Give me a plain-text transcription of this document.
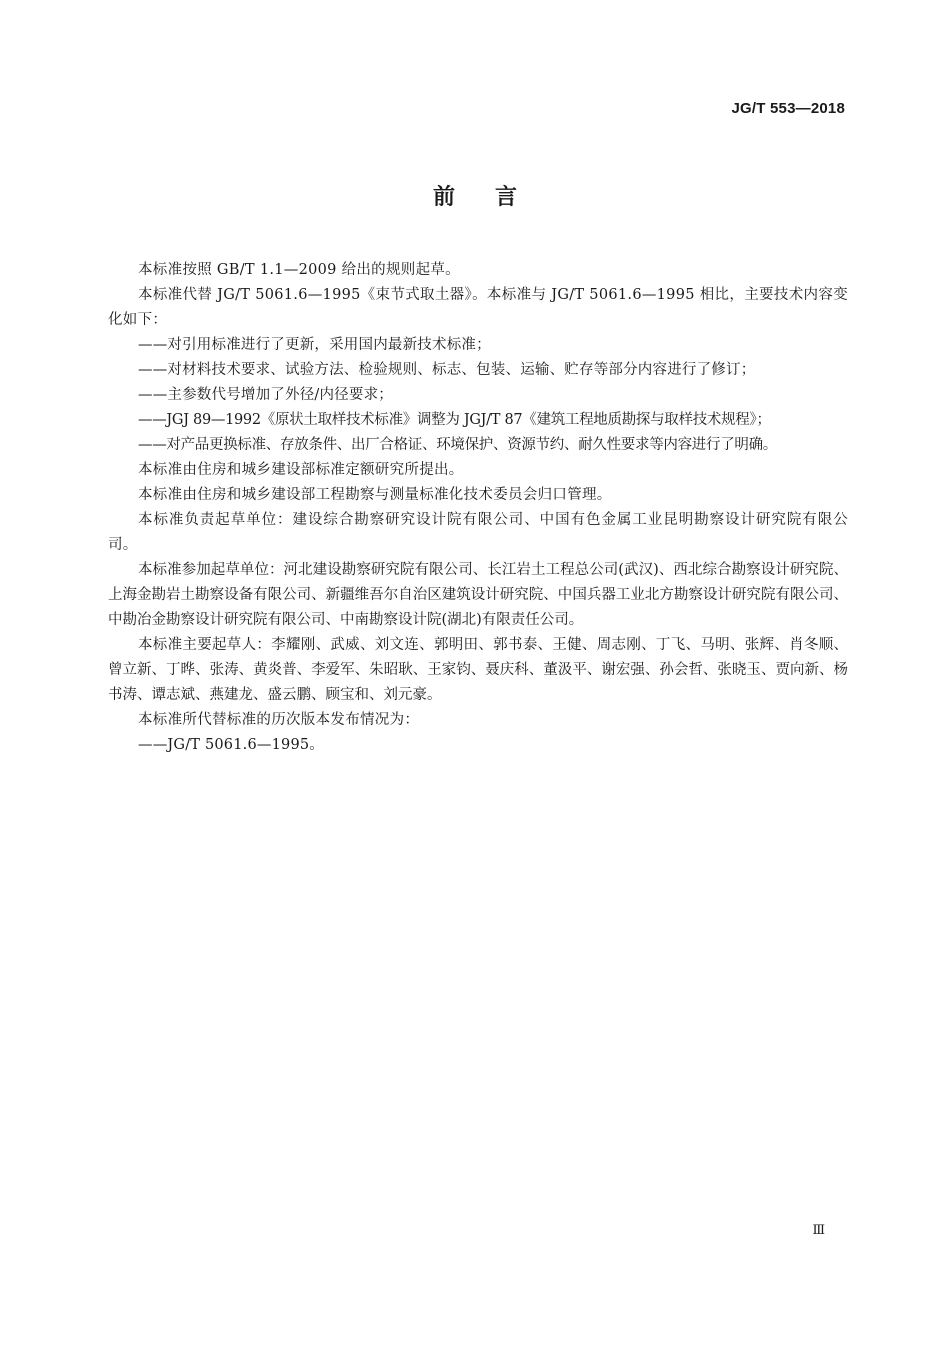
JG/T 553—2018
前言

本标准按照 GB/T 1.1—2009 给出的规则起草。

本标准代替 JG/T 5061.6—1995《束节式取土器》。本标准与 JG/T 5061.6—1995 相比，主要技术内容变化如下：

——对引用标准进行了更新，采用国内最新技术标准；

——对材料技术要求、试验方法、检验规则、标志、包装、运输、贮存等部分内容进行了修订；

——主参数代号增加了外径/内径要求；

——JGJ 89—1992《原状土取样技术标准》调整为 JGJ/T 87《建筑工程地质勘探与取样技术规程》；

——对产品更换标准、存放条件、出厂合格证、环境保护、资源节约、耐久性要求等内容进行了明确。

本标准由住房和城乡建设部标准定额研究所提出。

本标准由住房和城乡建设部工程勘察与测量标准化技术委员会归口管理。

本标准负责起草单位：建设综合勘察研究设计院有限公司、中国有色金属工业昆明勘察设计研究院有限公司。

本标准参加起草单位：河北建设勘察研究院有限公司、长江岩土工程总公司(武汉)、西北综合勘察设计研究院、上海金勘岩土勘察设备有限公司、新疆维吾尔自治区建筑设计研究院、中国兵器工业北方勘察设计研究院有限公司、中勘冶金勘察设计研究院有限公司、中南勘察设计院(湖北)有限责任公司。

本标准主要起草人：李耀刚、武威、刘文连、郭明田、郭书泰、王健、周志刚、丁飞、马明、张辉、肖冬顺、曾立新、丁晔、张涛、黄炎普、李爱军、朱昭耿、王家钧、聂庆科、董汲平、谢宏强、孙会哲、张晓玉、贾向新、杨书涛、谭志斌、燕建龙、盛云鹏、顾宝和、刘元豪。

本标准所代替标准的历次版本发布情况为：

——JG/T 5061.6—1995。

Ⅲ
